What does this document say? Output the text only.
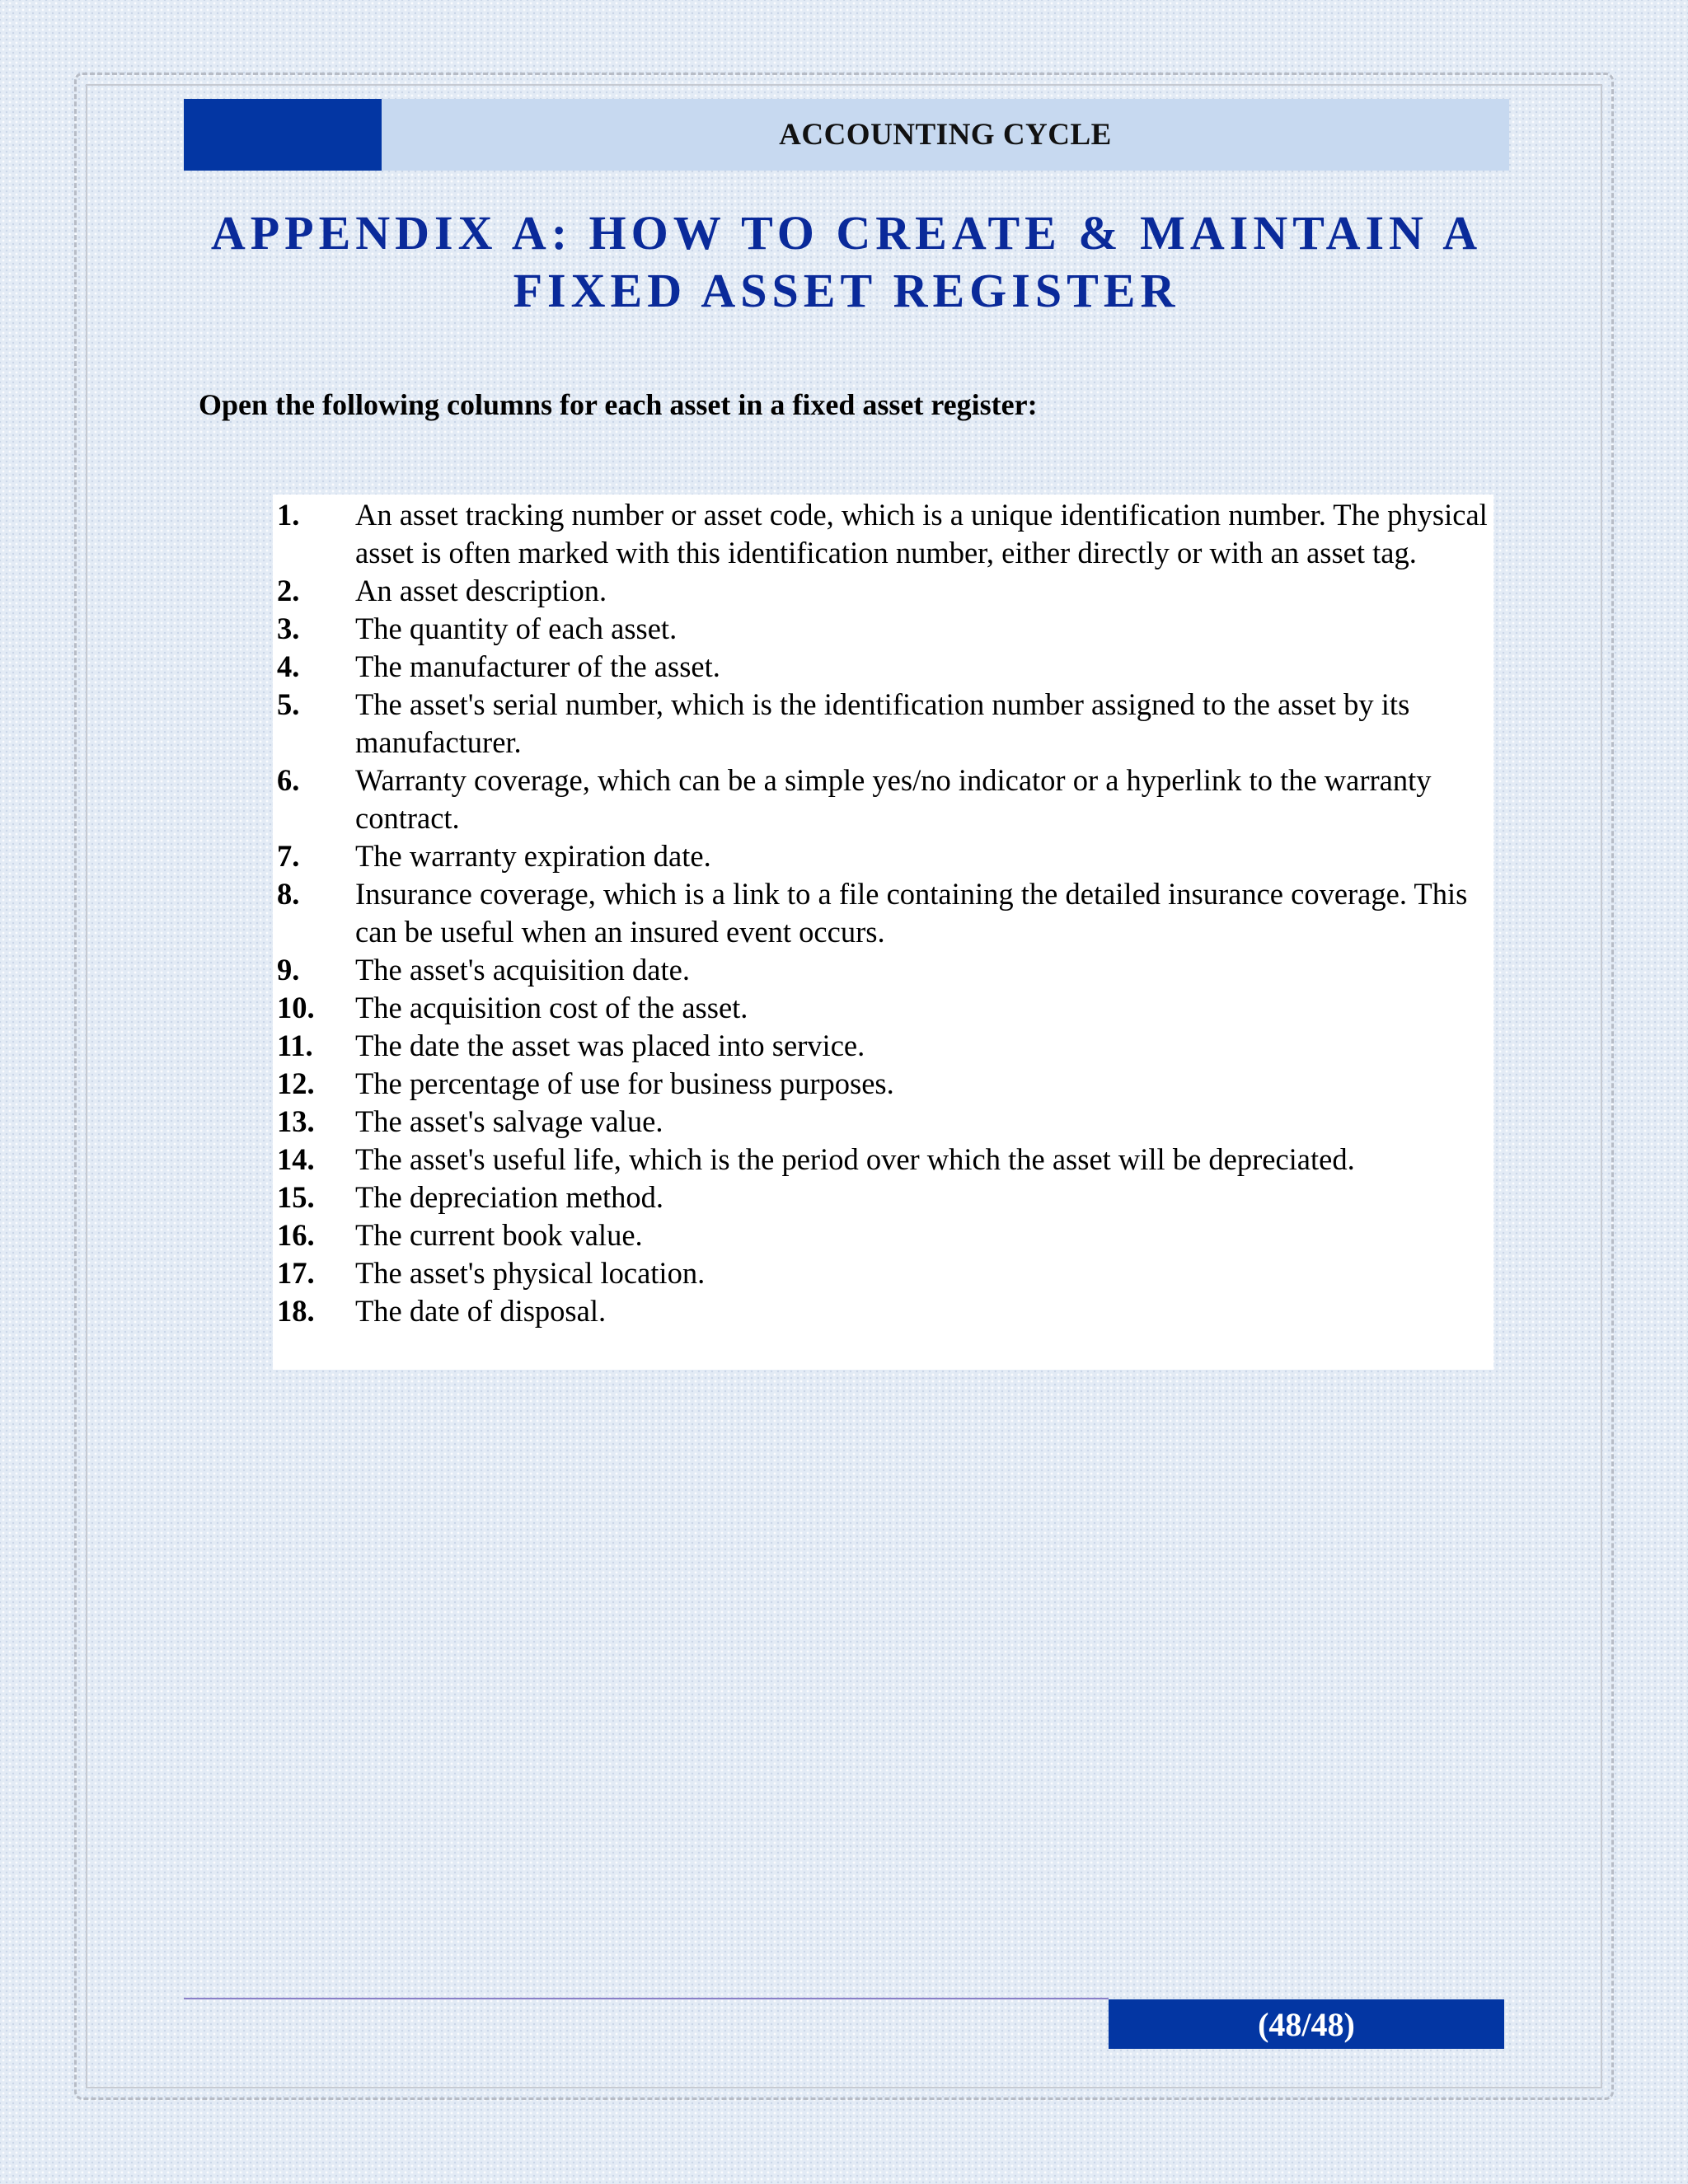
ACCOUNTING CYCLE
APPENDIX A: HOW TO CREATE & MAINTAIN A
FIXED ASSET REGISTER
Open the following columns for each asset in a fixed asset register:
1. An asset tracking number or asset code, which is a unique identification number. The physical asset is often marked with this identification number, either directly or with an asset tag.
2. An asset description.
3. The quantity of each asset.
4. The manufacturer of the asset.
5. The asset's serial number, which is the identification number assigned to the asset by its manufacturer.
6. Warranty coverage, which can be a simple yes/no indicator or a hyperlink to the warranty contract.
7. The warranty expiration date.
8. Insurance coverage, which is a link to a file containing the detailed insurance coverage. This can be useful when an insured event occurs.
9. The asset's acquisition date.
10. The acquisition cost of the asset.
11. The date the asset was placed into service.
12. The percentage of use for business purposes.
13. The asset's salvage value.
14. The asset's useful life, which is the period over which the asset will be depreciated.
15. The depreciation method.
16. The current book value.
17. The asset's physical location.
18. The date of disposal.
(48/48)
